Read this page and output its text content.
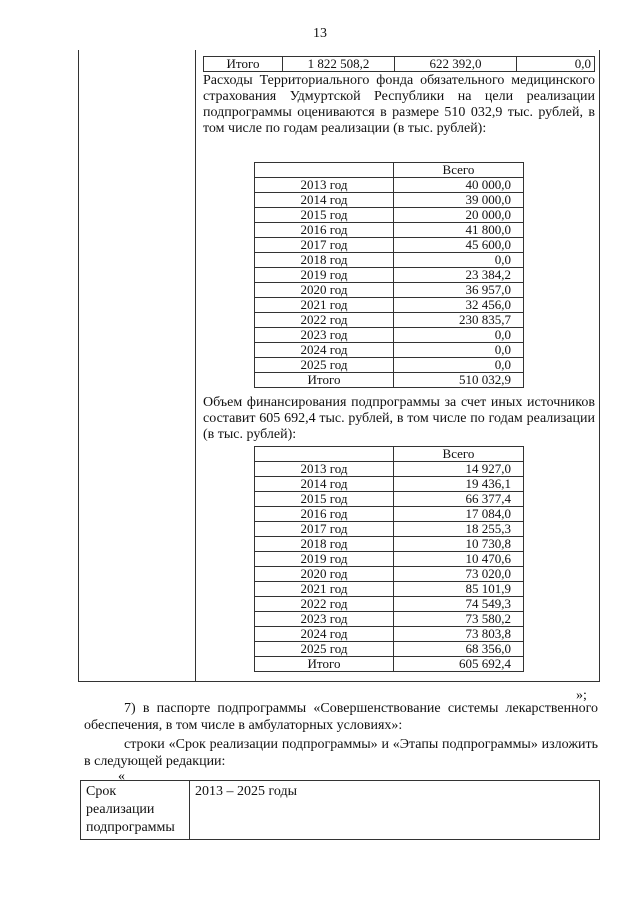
13
Итого	1 822 508,2	622 392,0	0,0
Расходы Территориального фонда обязательного медицинского страхования Удмуртской Республики на цели реализации подпрограммы оцениваются в размере 510 032,9 тыс. рублей, в том числе по годам реализации (в тыс. рублей):
	Всего
2013 год	40 000,0
2014 год	39 000,0
2015 год	20 000,0
2016 год	41 800,0
2017 год	45 600,0
2018 год	0,0
2019 год	23 384,2
2020 год	36 957,0
2021 год	32 456,0
2022 год	230 835,7
2023 год	0,0
2024 год	0,0
2025 год	0,0
Итого	510 032,9
Объем финансирования подпрограммы за счет иных источников составит 605 692,4 тыс. рублей, в том числе по годам реализации (в тыс. рублей):
	Всего
2013 год	14 927,0
2014 год	19 436,1
2015 год	66 377,4
2016 год	17 084,0
2017 год	18 255,3
2018 год	10 730,8
2019 год	10 470,6
2020 год	73 020,0
2021 год	85 101,9
2022 год	74 549,3
2023 год	73 580,2
2024 год	73 803,8
2025 год	68 356,0
Итого	605 692,4
»;
7) в паспорте подпрограммы «Совершенствование системы лекарственного обеспечения, в том числе в амбулаторных условиях»:
строки «Срок реализации подпрограммы» и «Этапы подпрограммы» изложить в следующей редакции:
«
Срок реализации подпрограммы	2013 – 2025 годы
